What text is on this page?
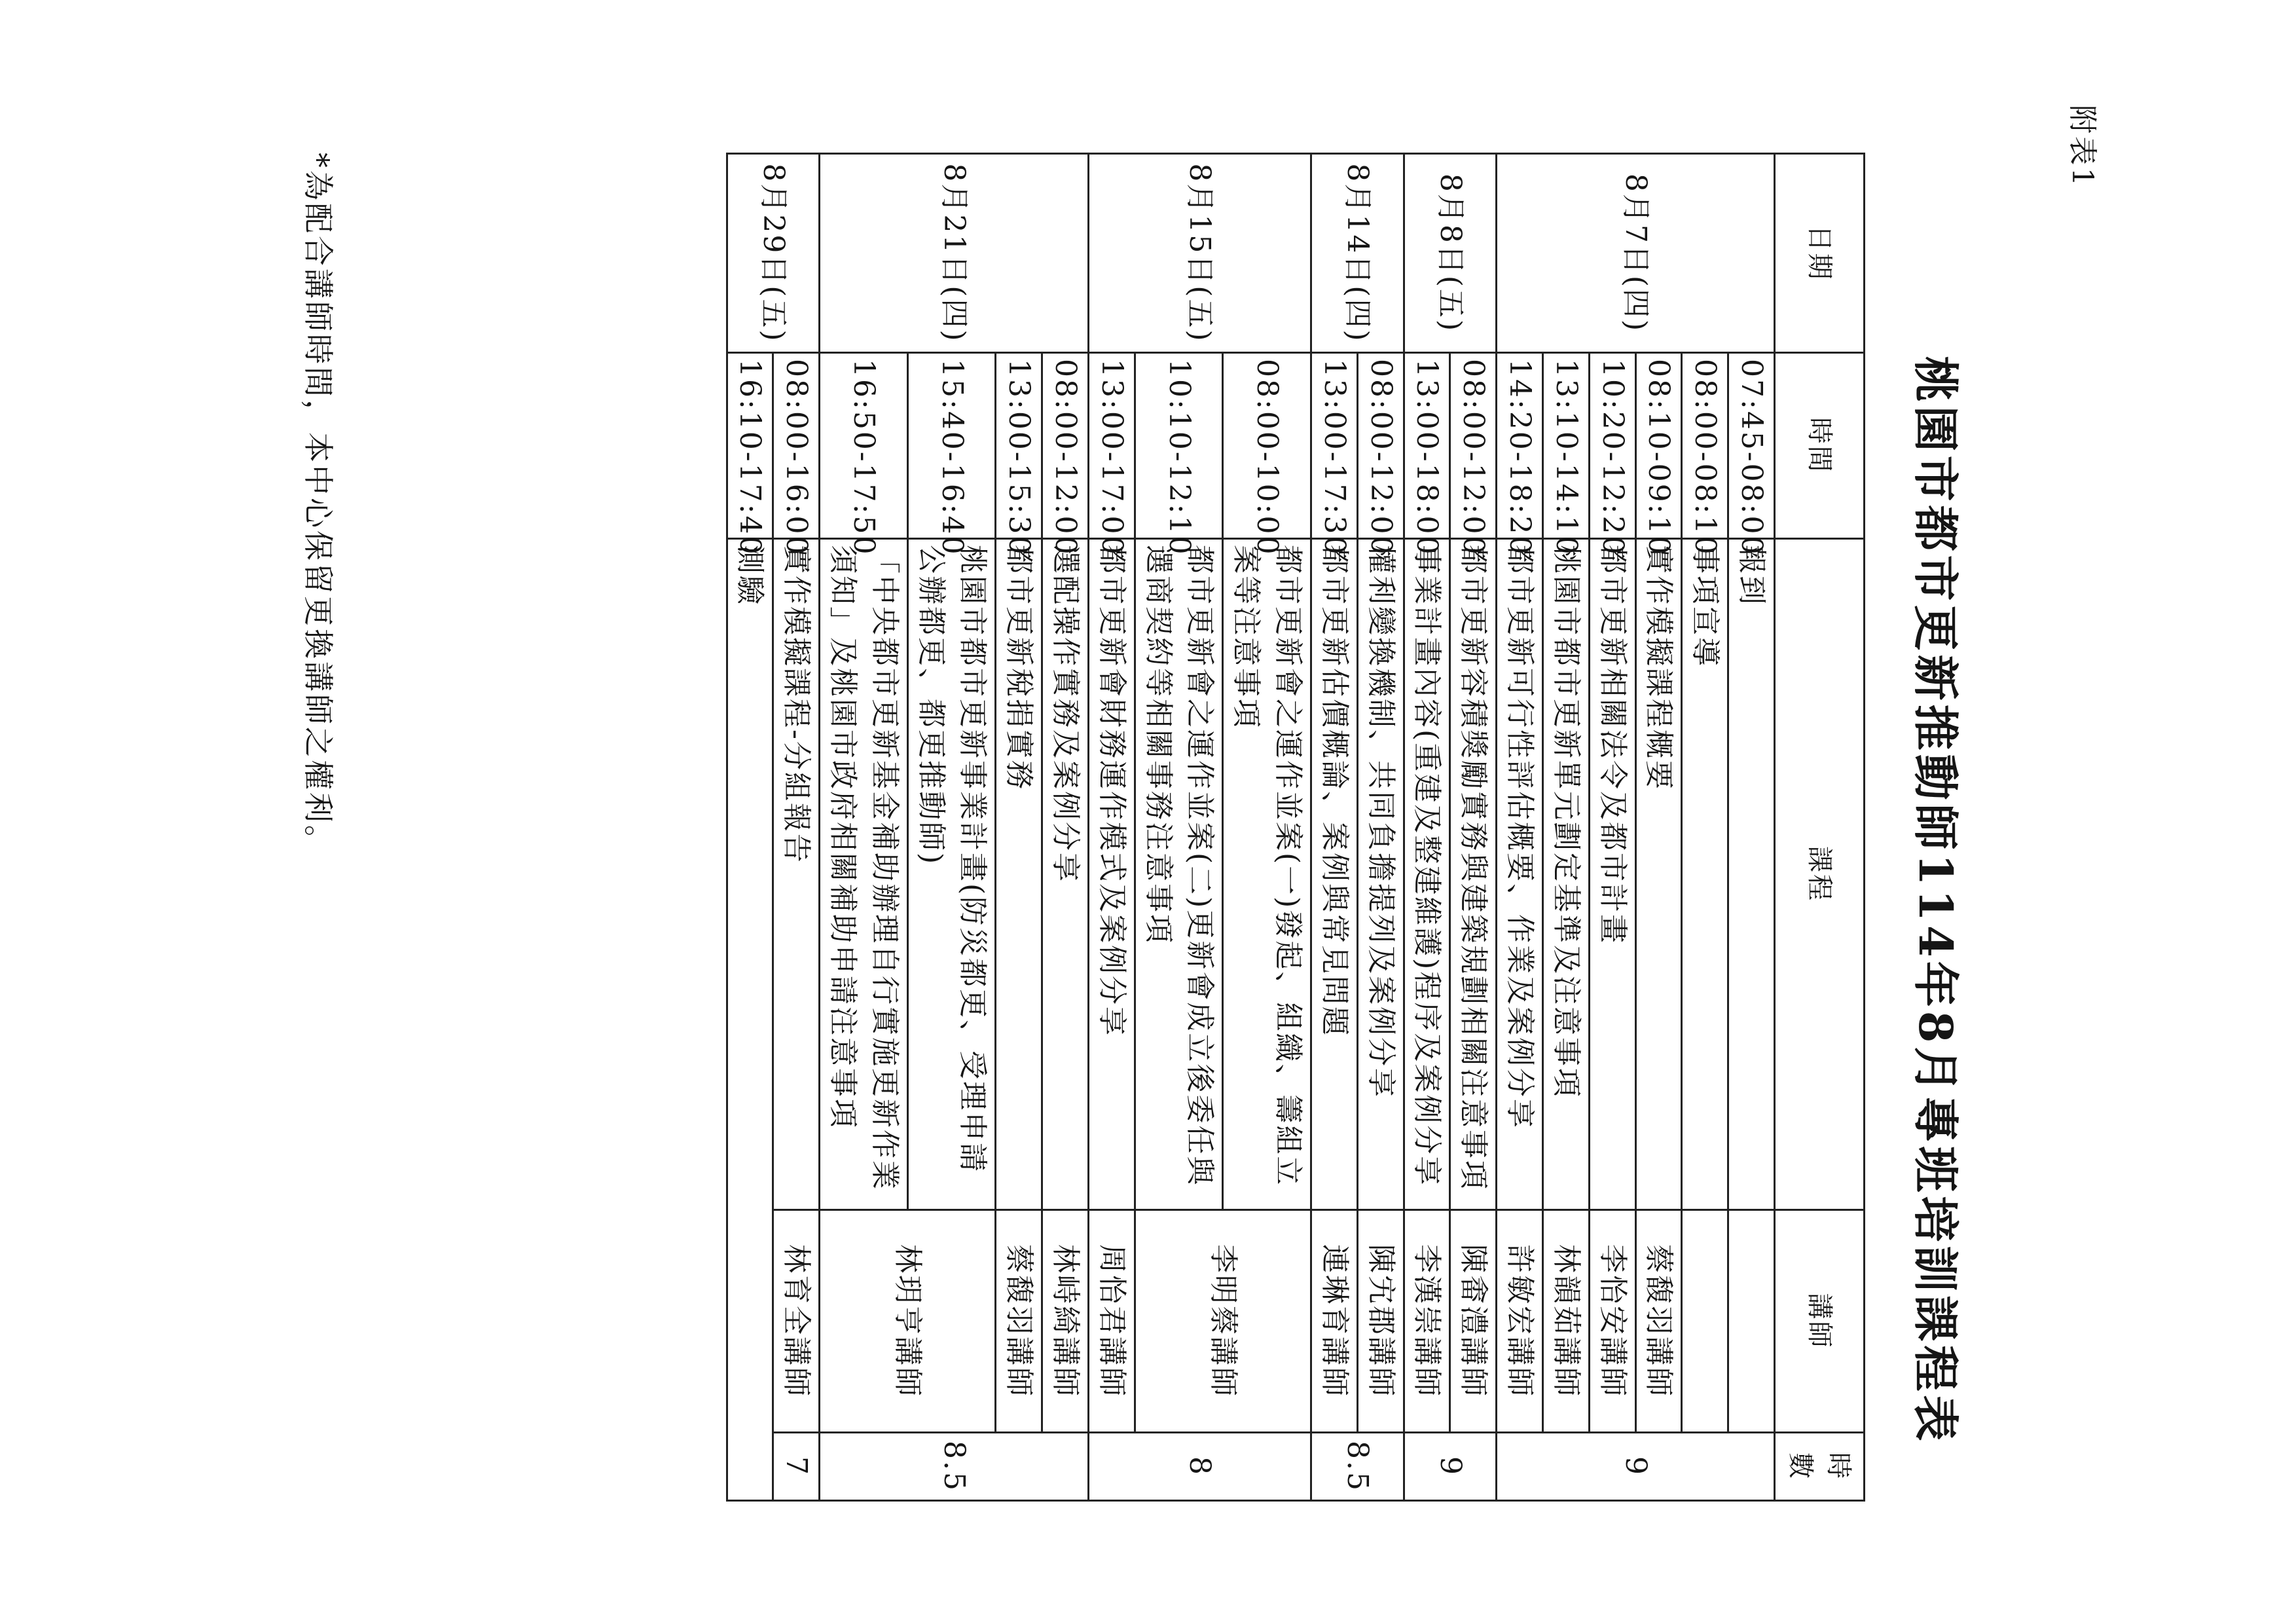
附表1
桃園市都市更新推動師114年8月專班培訓課程表
日期	時間	課程	講師	時數
8月7日(四)	07:45-08:00	報到		9
	08:00-08:10	事項宣導		
	08:10-09:10	實作模擬課程概要	蔡馥羽講師	
	10:20-12:20	都市更新相關法令及都市計畫	李怡安講師	
	13:10-14:10	桃園市都市更新單元劃定基準及注意事項	林韻茹講師	
	14:20-18:20	都市更新可行性評估概要、作業及案例分享	許敏宏講師	
8月8日(五)	08:00-12:00	都市更新容積獎勵實務與建築規劃相關注意事項	陳畬澧講師	9
	13:00-18:00	事業計畫內容(重建及整建維護)程序及案例分享	李漢崇講師	
8月14日(四)	08:00-12:00	權利變換機制、共同負擔提列及案例分享	陳宄郡講師	8.5
	13:00-17:30	都市更新估價概論、案例與常見問題	連琳育講師	
8月15日(五)	08:00-10:00	都市更新會之運作並案(一)發起、組織、籌組立案等注意事項	李明蔡講師	8
	10:10-12:10	都市更新會之運作並案(二)更新會成立後委任與選商契約等相關事務注意事項		
	13:00-17:00	都市更新會財務運作模式及案例分享	周怡君講師	
8月21日(四)	08:00-12:00	選配操作實務及案例分享	林峙綺講師	8.5
	13:00-15:30	都市更新稅捐實務	蔡馥羽講師	
	15:40-16:40	桃園市都市更新事業計畫(防災都更、受理申請公辦都更、都更推動師)	林玥亨講師	
	16:50-17:50	「中央都市更新基金補助辦理自行實施更新作業須知」及桃園市政府相關補助申請注意事項		
8月29日(五)	08:00-16:00	實作模擬課程-分組報告	林育全講師	7
	16:10-17:40	測驗		
*為配合講師時間，本中心保留更換講師之權利。
